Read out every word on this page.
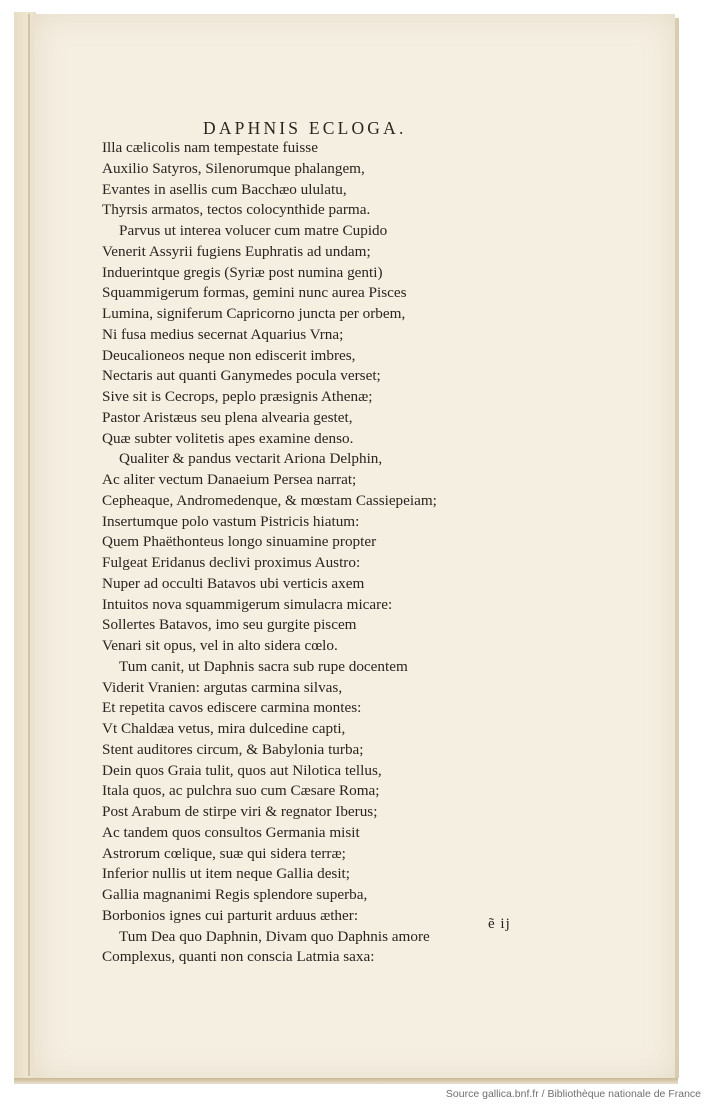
DAPHNIS ECLOGA.
Illa cælicolis nam tempestate fuisse
Auxilio Satyros, Silenorumque phalangem,
Evantes in asellis cum Bacchæo ululatu,
Thyrsis armatos, tectos colocynthide parma.
Parvus ut interea volucer cum matre Cupido
Venerit Assyrii fugiens Euphratis ad undam;
Induerintque gregis (Syriæ post numina genti)
Squammigerum formas, gemini nunc aurea Pisces
Lumina, signiferum Capricorno juncta per orbem,
Ni fusa medius secernat Aquarius Vrna;
Deucalioneos neque non ediscerit imbres,
Nectaris aut quanti Ganymedes pocula verset;
Sive sit is Cecrops, peplo præsignis Athenæ;
Pastor Aristæus seu plena alvearia gestet,
Quæ subter volitetis apes examine denso.
Qualiter & pandus vectarit Ariona Delphin,
Ac aliter vectum Danaeium Persea narrat;
Cepheaque, Andromedenque, & mœstam Cassiepeiam;
Insertumque polo vastum Pistricis hiatum:
Quem Phaëthonteus longo sinuamine propter
Fulgeat Eridanus declivi proximus Austro:
Nuper ad occulti Batavos ubi verticis axem
Intuitos nova squammigerum simulacra micare:
Sollertes Batavos, imo seu gurgite piscem
Venari sit opus, vel in alto sidera cœlo.
Tum canit, ut Daphnis sacra sub rupe docentem
Viderit Vranien: argutas carmina silvas,
Et repetita cavos ediscere carmina montes:
Vt Chaldæa vetus, mira dulcedine capti,
Stent auditores circum, & Babylonia turba;
Dein quos Graia tulit, quos aut Nilotica tellus,
Itala quos, ac pulchra suo cum Cæsare Roma;
Post Arabum de stirpe viri & regnator Iberus;
Ac tandem quos consultos Germania misit
Astrorum cœlique, suæ qui sidera terræ;
Inferior nullis ut item neque Gallia desit;
Gallia magnanimi Regis splendore superba,
Borbonios ignes cui parturit arduus æther:
Tum Dea quo Daphnin, Divam quo Daphnis amore
Complexus, quanti non conscia Latmia saxa:
ẽ ij
Source gallica.bnf.fr / Bibliothèque nationale de France
